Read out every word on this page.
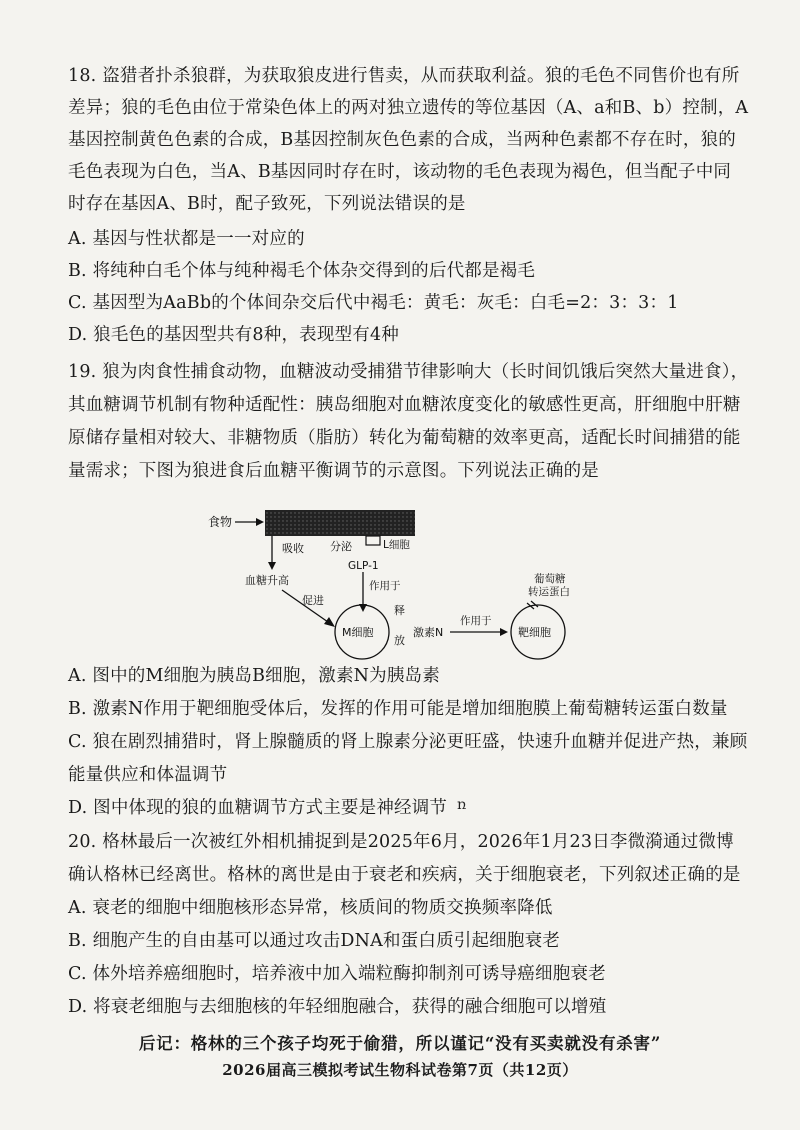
18. 盗猎者扑杀狼群，为获取狼皮进行售卖，从而获取利益。狼的毛色不同售价也有所
差异；狼的毛色由位于常染色体上的两对独立遗传的等位基因（A、a和B、b）控制，A
基因控制黄色色素的合成，B基因控制灰色色素的合成，当两种色素都不存在时，狼的
毛色表现为白色，当A、B基因同时存在时，该动物的毛色表现为褐色，但当配子中同
时存在基因A、B时，配子致死，下列说法错误的是
A. 基因与性状都是一一对应的
B. 将纯种白毛个体与纯种褐毛个体杂交得到的后代都是褐毛
C. 基因型为AaBb的个体间杂交后代中褐毛：黄毛：灰毛：白毛=2：3：3：1
D. 狼毛色的基因型共有8种，表现型有4种
19. 狼为肉食性捕食动物，血糖波动受捕猎节律影响大（长时间饥饿后突然大量进食），
其血糖调节机制有物种适配性：胰岛细胞对血糖浓度变化的敏感性更高，肝细胞中肝糖
原储存量相对较大、非糖物质（脂肪）转化为葡萄糖的效率更高，适配长时间捕猎的能
量需求；下图为狼进食后血糖平衡调节的示意图。下列说法正确的是
食物
吸收
血糖升高
分泌	L细胞
GLP-1
作用于
促进
M细胞
释
放
激素N
作用于
靶细胞
葡萄糖
转运蛋白
A. 图中的M细胞为胰岛B细胞，激素N为胰岛素
B. 激素N作用于靶细胞受体后，发挥的作用可能是增加细胞膜上葡萄糖转运蛋白数量
C. 狼在剧烈捕猎时，肾上腺髓质的肾上腺素分泌更旺盛，快速升血糖并促进产热，兼顾
能量供应和体温调节
D. 图中体现的狼的血糖调节方式主要是神经调节 ռ
20. 格林最后一次被红外相机捕捉到是2025年6月，2026年1月23日李微漪通过微博
确认格林已经离世。格林的离世是由于衰老和疾病，关于细胞衰老，下列叙述正确的是
A. 衰老的细胞中细胞核形态异常，核质间的物质交换频率降低
B. 细胞产生的自由基可以通过攻击DNA和蛋白质引起细胞衰老
C. 体外培养癌细胞时，培养液中加入端粒酶抑制剂可诱导癌细胞衰老
D. 将衰老细胞与去细胞核的年轻细胞融合，获得的融合细胞可以增殖
后记：格林的三个孩子均死于偷猎，所以谨记“没有买卖就没有杀害”
2026届高三模拟考试生物科试卷第7页（共12页）
